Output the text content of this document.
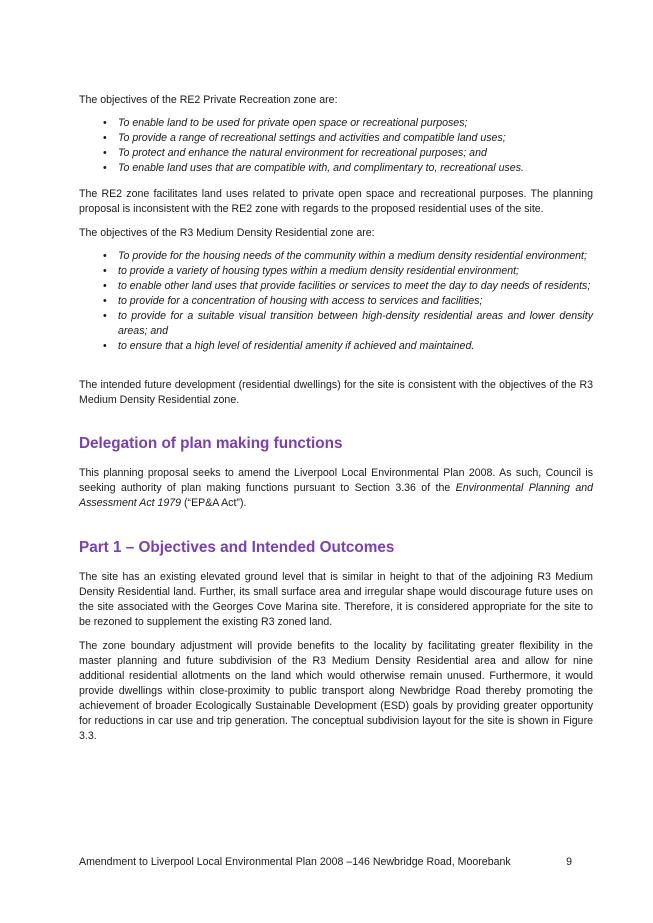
The objectives of the RE2 Private Recreation zone are:

• To enable land to be used for private open space or recreational purposes;
• To provide a range of recreational settings and activities and compatible land uses;
• To protect and enhance the natural environment for recreational purposes; and
• To enable land uses that are compatible with, and complimentary to, recreational uses.

The RE2 zone facilitates land uses related to private open space and recreational purposes. The planning proposal is inconsistent with the RE2 zone with regards to the proposed residential uses of the site.

The objectives of the R3 Medium Density Residential zone are:

• To provide for the housing needs of the community within a medium density residential environment;
• to provide a variety of housing types within a medium density residential environment;
• to enable other land uses that provide facilities or services to meet the day to day needs of residents;
• to provide for a concentration of housing with access to services and facilities;
• to provide for a suitable visual transition between high-density residential areas and lower density areas; and
• to ensure that a high level of residential amenity if achieved and maintained.

The intended future development (residential dwellings) for the site is consistent with the objectives of the R3 Medium Density Residential zone.

Delegation of plan making functions

This planning proposal seeks to amend the Liverpool Local Environmental Plan 2008. As such, Council is seeking authority of plan making functions pursuant to Section 3.36 of the Environmental Planning and Assessment Act 1979 (“EP&A Act”).

Part 1 – Objectives and Intended Outcomes

The site has an existing elevated ground level that is similar in height to that of the adjoining R3 Medium Density Residential land. Further, its small surface area and irregular shape would discourage future uses on the site associated with the Georges Cove Marina site. Therefore, it is considered appropriate for the site to be rezoned to supplement the existing R3 zoned land.

The zone boundary adjustment will provide benefits to the locality by facilitating greater flexibility in the master planning and future subdivision of the R3 Medium Density Residential area and allow for nine additional residential allotments on the land which would otherwise remain unused. Furthermore, it would provide dwellings within close-proximity to public transport along Newbridge Road thereby promoting the achievement of broader Ecologically Sustainable Development (ESD) goals by providing greater opportunity for reductions in car use and trip generation. The conceptual subdivision layout for the site is shown in Figure 3.3.

Amendment to Liverpool Local Environmental Plan 2008 –146 Newbridge Road, Moorebank	9
